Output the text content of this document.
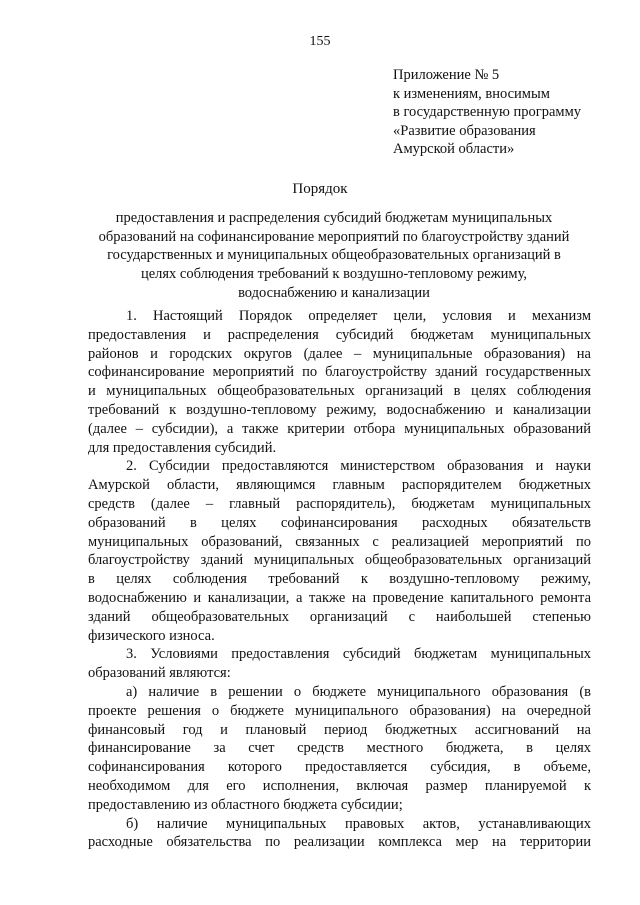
155
Приложение № 5
к изменениям, вносимым
в государственную программу
«Развитие образования
Амурской области»
Порядок
предоставления и распределения субсидий бюджетам муниципальных
образований на софинансирование мероприятий по благоустройству зданий
государственных и муниципальных общеобразовательных организаций в
целях соблюдения требований к воздушно-тепловому режиму,
водоснабжению и канализации
1. Настоящий Порядок определяет цели, условия и механизм
предоставления и распределения субсидий бюджетам муниципальных
районов и городских округов (далее – муниципальные образования) на
софинансирование мероприятий по благоустройству зданий государственных
и муниципальных общеобразовательных организаций в целях соблюдения
требований к воздушно-тепловому режиму, водоснабжению и канализации
(далее – субсидии), а также критерии отбора муниципальных образований
для предоставления субсидий.
2. Субсидии предоставляются министерством образования и науки
Амурской области, являющимся главным распорядителем бюджетных
средств (далее – главный распорядитель), бюджетам муниципальных
образований в целях софинансирования расходных обязательств
муниципальных образований, связанных с реализацией мероприятий по
благоустройству зданий муниципальных общеобразовательных организаций
в целях соблюдения требований к воздушно-тепловому режиму,
водоснабжению и канализации, а также на проведение капитального ремонта
зданий общеобразовательных организаций с наибольшей степенью
физического износа.
3. Условиями предоставления субсидий бюджетам муниципальных
образований являются:
а) наличие в решении о бюджете муниципального образования (в
проекте решения о бюджете муниципального образования) на очередной
финансовый год и плановый период бюджетных ассигнований на
финансирование за счет средств местного бюджета, в целях
софинансирования которого предоставляется субсидия, в объеме,
необходимом для его исполнения, включая размер планируемой к
предоставлению из областного бюджета субсидии;
б) наличие муниципальных правовых актов, устанавливающих
расходные обязательства по реализации комплекса мер на территории
